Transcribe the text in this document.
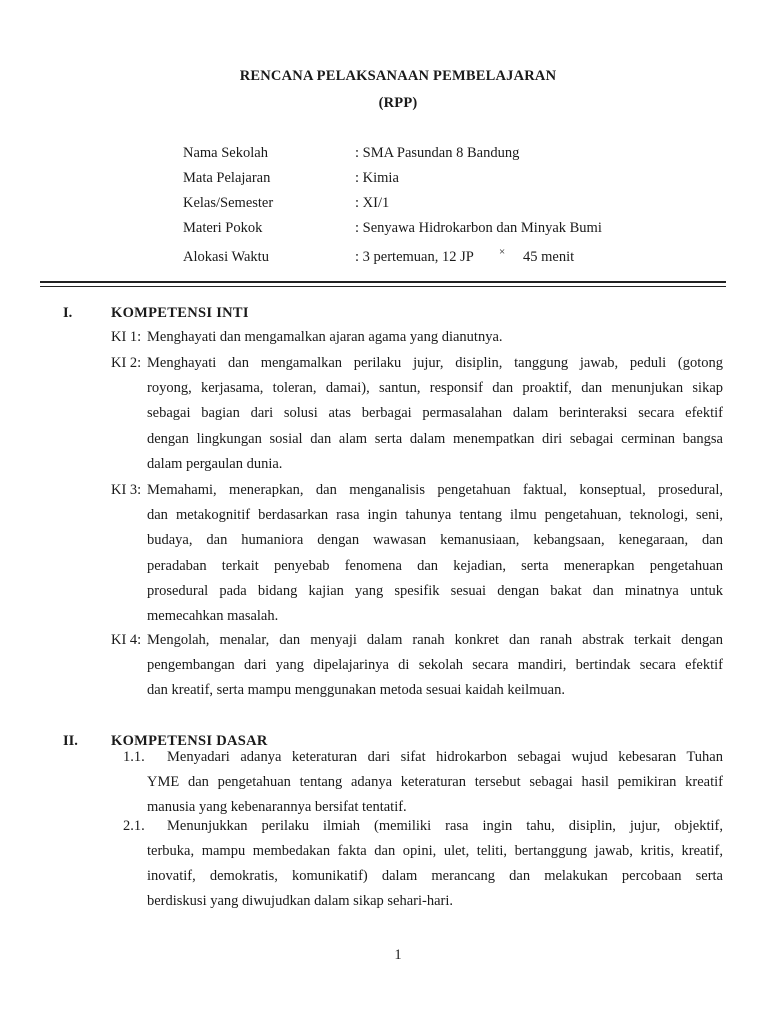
RENCANA PELAKSANAAN PEMBELAJARAN
(RPP)
Nama Sekolah	: SMA Pasundan 8 Bandung
Mata Pelajaran	: Kimia
Kelas/Semester	: XI/1
Materi Pokok	: Senyawa Hidrokarbon dan Minyak Bumi
Alokasi Waktu	: 3 pertemuan, 12 JP × 45 menit
I.	KOMPETENSI INTI
KI 1: Menghayati dan mengamalkan ajaran agama yang dianutnya.
KI 2: Menghayati dan mengamalkan perilaku jujur, disiplin, tanggung jawab, peduli (gotong
royong, kerjasama, toleran, damai), santun, responsif dan proaktif, dan menunjukan sikap
sebagai bagian dari solusi atas berbagai permasalahan dalam berinteraksi secara efektif
dengan lingkungan sosial dan alam serta dalam menempatkan diri sebagai cerminan bangsa
dalam pergaulan dunia.
KI 3: Memahami, menerapkan, dan menganalisis pengetahuan faktual, konseptual, prosedural,
dan metakognitif berdasarkan rasa ingin tahunya tentang ilmu pengetahuan, teknologi, seni,
budaya, dan humaniora dengan wawasan kemanusiaan, kebangsaan, kenegaraan, dan
peradaban terkait penyebab fenomena dan kejadian, serta menerapkan pengetahuan
prosedural pada bidang kajian yang spesifik sesuai dengan bakat dan minatnya untuk
memecahkan masalah.
KI 4: Mengolah, menalar, dan menyaji dalam ranah konkret dan ranah abstrak terkait dengan
pengembangan dari yang dipelajarinya di sekolah secara mandiri, bertindak secara efektif
dan kreatif, serta mampu menggunakan metoda sesuai kaidah keilmuan.
II. KOMPETENSI DASAR
1.1. Menyadari adanya keteraturan dari sifat hidrokarbon sebagai wujud kebesaran Tuhan
YME dan pengetahuan tentang adanya keteraturan tersebut sebagai hasil pemikiran kreatif
manusia yang kebenarannya bersifat tentatif.
2.1. Menunjukkan perilaku ilmiah (memiliki rasa ingin tahu, disiplin, jujur, objektif,
terbuka, mampu membedakan fakta dan opini, ulet, teliti, bertanggung jawab, kritis, kreatif,
inovatif, demokratis, komunikatif) dalam merancang dan melakukan percobaan serta
berdiskusi yang diwujudkan dalam sikap sehari-hari.
1
